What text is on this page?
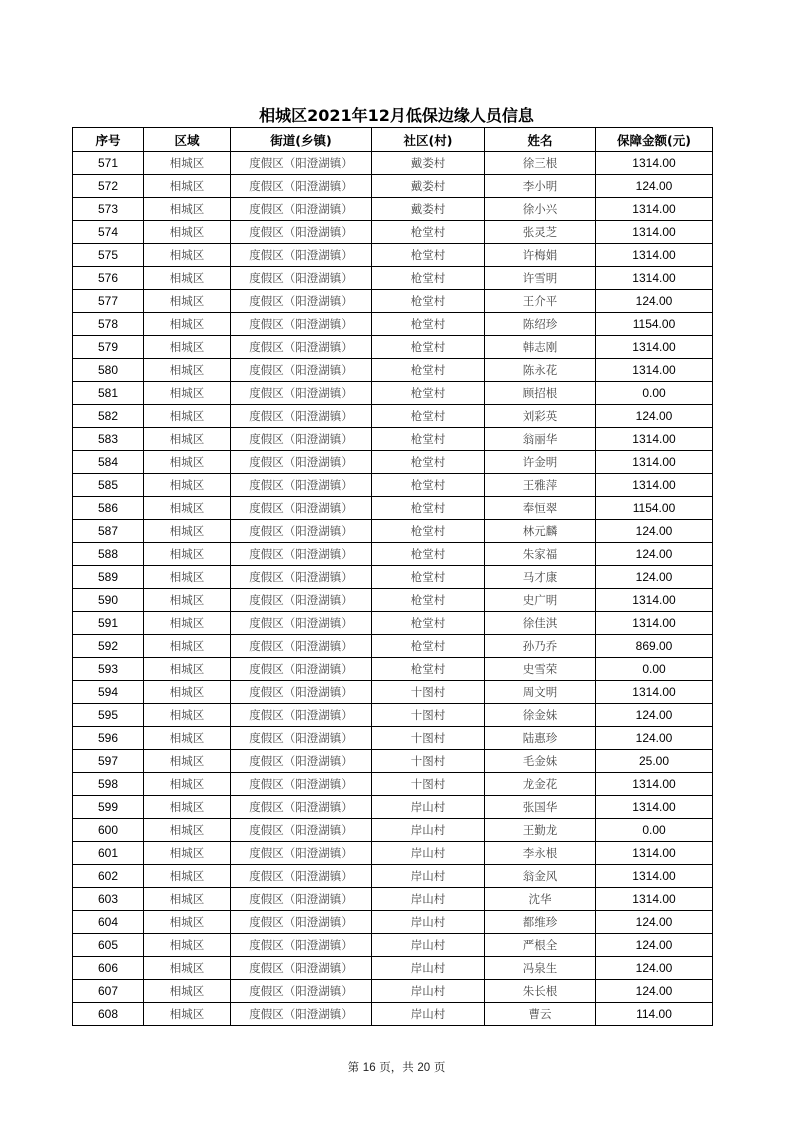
相城区2021年12月低保边缘人员信息
序号	区域	街道(乡镇)	社区(村)	姓名	保障金额(元)
571	相城区	度假区（阳澄湖镇）	戴娄村	徐三根	1314.00
572	相城区	度假区（阳澄湖镇）	戴娄村	李小明	124.00
573	相城区	度假区（阳澄湖镇）	戴娄村	徐小兴	1314.00
574	相城区	度假区（阳澄湖镇）	枪堂村	张灵芝	1314.00
575	相城区	度假区（阳澄湖镇）	枪堂村	许梅娟	1314.00
576	相城区	度假区（阳澄湖镇）	枪堂村	许雪明	1314.00
577	相城区	度假区（阳澄湖镇）	枪堂村	王介平	124.00
578	相城区	度假区（阳澄湖镇）	枪堂村	陈绍珍	1154.00
579	相城区	度假区（阳澄湖镇）	枪堂村	韩志刚	1314.00
580	相城区	度假区（阳澄湖镇）	枪堂村	陈永花	1314.00
581	相城区	度假区（阳澄湖镇）	枪堂村	顾招根	0.00
582	相城区	度假区（阳澄湖镇）	枪堂村	刘彩英	124.00
583	相城区	度假区（阳澄湖镇）	枪堂村	翁丽华	1314.00
584	相城区	度假区（阳澄湖镇）	枪堂村	许金明	1314.00
585	相城区	度假区（阳澄湖镇）	枪堂村	王雅萍	1314.00
586	相城区	度假区（阳澄湖镇）	枪堂村	奉恒翠	1154.00
587	相城区	度假区（阳澄湖镇）	枪堂村	林元麟	124.00
588	相城区	度假区（阳澄湖镇）	枪堂村	朱家福	124.00
589	相城区	度假区（阳澄湖镇）	枪堂村	马才康	124.00
590	相城区	度假区（阳澄湖镇）	枪堂村	史广明	1314.00
591	相城区	度假区（阳澄湖镇）	枪堂村	徐佳淇	1314.00
592	相城区	度假区（阳澄湖镇）	枪堂村	孙乃乔	869.00
593	相城区	度假区（阳澄湖镇）	枪堂村	史雪荣	0.00
594	相城区	度假区（阳澄湖镇）	十图村	周文明	1314.00
595	相城区	度假区（阳澄湖镇）	十图村	徐金妹	124.00
596	相城区	度假区（阳澄湖镇）	十图村	陆惠珍	124.00
597	相城区	度假区（阳澄湖镇）	十图村	毛金妹	25.00
598	相城区	度假区（阳澄湖镇）	十图村	龙金花	1314.00
599	相城区	度假区（阳澄湖镇）	岸山村	张国华	1314.00
600	相城区	度假区（阳澄湖镇）	岸山村	王勤龙	0.00
601	相城区	度假区（阳澄湖镇）	岸山村	李永根	1314.00
602	相城区	度假区（阳澄湖镇）	岸山村	翁金风	1314.00
603	相城区	度假区（阳澄湖镇）	岸山村	沈华	1314.00
604	相城区	度假区（阳澄湖镇）	岸山村	都维珍	124.00
605	相城区	度假区（阳澄湖镇）	岸山村	严根全	124.00
606	相城区	度假区（阳澄湖镇）	岸山村	冯泉生	124.00
607	相城区	度假区（阳澄湖镇）	岸山村	朱长根	124.00
608	相城区	度假区（阳澄湖镇）	岸山村	曹云	114.00
第 16 页，共 20 页
